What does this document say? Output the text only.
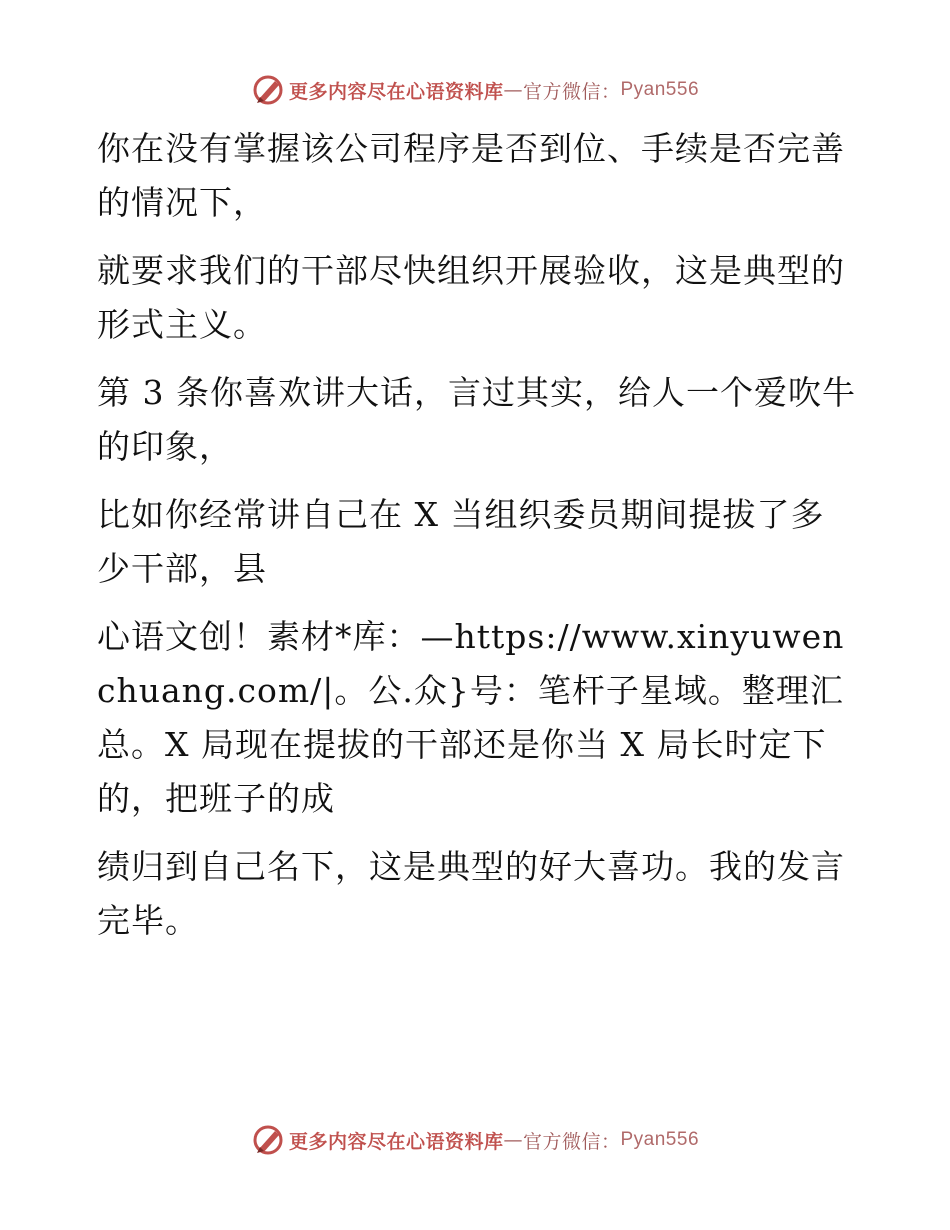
更多内容尽在心语资料库 — 官方微信： Pyan556

你在没有掌握该公司程序是否到位、手续是否完善的情况下，

就要求我们的干部尽快组织开展验收，这是典型的形式主义。

第 3 条你喜欢讲大话，言过其实，给人一个爱吹牛的印象，

比如你经常讲自己在 X 当组织委员期间提拔了多少干部，县

心语文创！素材*库：—https://www.xinyuwenchuang.com/|。公.众}号：笔杆子星域。整理汇总。X 局现在提拔的干部还是你当 X 局长时定下的，把班子的成

绩归到自己名下，这是典型的好大喜功。我的发言完毕。

更多内容尽在心语资料库 — 官方微信： Pyan556
